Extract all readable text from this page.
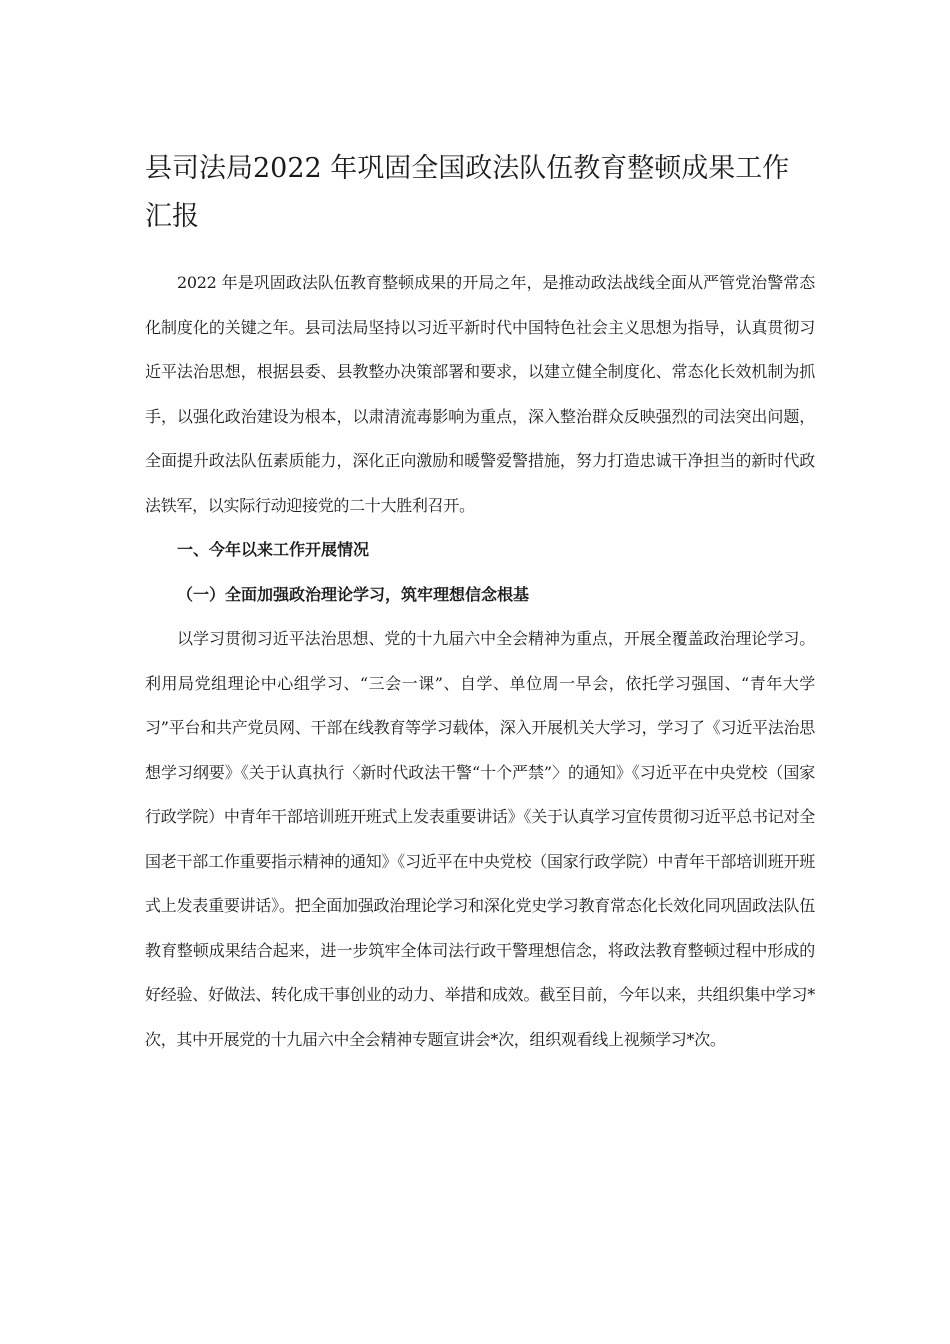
县司法局2022 年巩固全国政法队伍教育整顿成果工作汇报

2022 年是巩固政法队伍教育整顿成果的开局之年，是推动政法战线全面从严管党治警常态化制度化的关键之年。县司法局坚持以习近平新时代中国特色社会主义思想为指导，认真贯彻习近平法治思想，根据县委、县教整办决策部署和要求，以建立健全制度化、常态化长效机制为抓手，以强化政治建设为根本，以肃清流毒影响为重点，深入整治群众反映强烈的司法突出问题，全面提升政法队伍素质能力，深化正向激励和暖警爱警措施，努力打造忠诚干净担当的新时代政法铁军，以实际行动迎接党的二十大胜利召开。

一、今年以来工作开展情况

（一）全面加强政治理论学习，筑牢理想信念根基

以学习贯彻习近平法治思想、党的十九届六中全会精神为重点，开展全覆盖政治理论学习。利用局党组理论中心组学习、“三会一课”、自学、单位周一早会，依托学习强国、“青年大学习”平台和共产党员网、干部在线教育等学习载体，深入开展机关大学习，学习了《习近平法治思想学习纲要》《关于认真执行〈新时代政法干警“十个严禁”〉的通知》《习近平在中央党校（国家行政学院）中青年干部培训班开班式上发表重要讲话》《关于认真学习宣传贯彻习近平总书记对全国老干部工作重要指示精神的通知》《习近平在中央党校（国家行政学院）中青年干部培训班开班式上发表重要讲话》。把全面加强政治理论学习和深化党史学习教育常态化长效化同巩固政法队伍教育整顿成果结合起来，进一步筑牢全体司法行政干警理想信念，将政法教育整顿过程中形成的好经验、好做法、转化成干事创业的动力、举措和成效。截至目前，今年以来，共组织集中学习*次，其中开展党的十九届六中全会精神专题宣讲会*次，组织观看线上视频学习*次。
